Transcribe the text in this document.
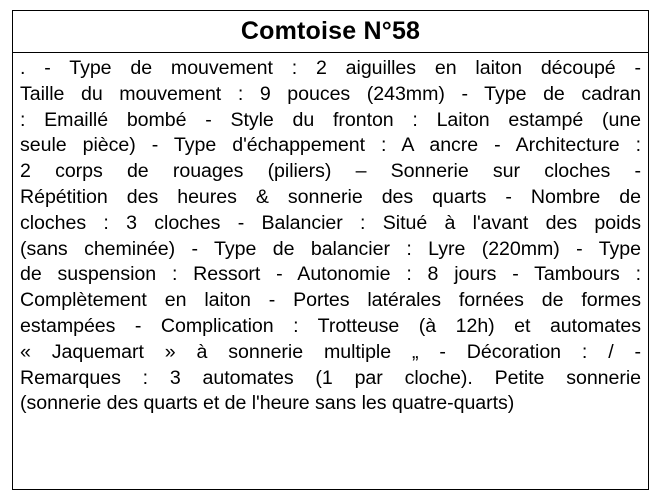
Comtoise N°58
. - Type de mouvement : 2 aiguilles en laiton découpé -
Taille du mouvement : 9 pouces (243mm) - Type de cadran
: Emaillé bombé - Style du fronton : Laiton estampé (une
seule pièce) - Type d'échappement : A ancre - Architecture :
2 corps de rouages (piliers) – Sonnerie sur cloches -
Répétition des heures & sonnerie des quarts - Nombre de
cloches : 3 cloches - Balancier : Situé à l'avant des poids
(sans cheminée) - Type de balancier : Lyre (220mm) - Type
de suspension : Ressort - Autonomie : 8 jours - Tambours :
Complètement en laiton - Portes latérales fornées de formes
estampées - Complication : Trotteuse (à 12h) et automates
« Jaquemart » à sonnerie multiple „ - Décoration : / -
Remarques : 3 automates (1 par cloche). Petite sonnerie
(sonnerie des quarts et de l'heure sans les quatre-quarts)
